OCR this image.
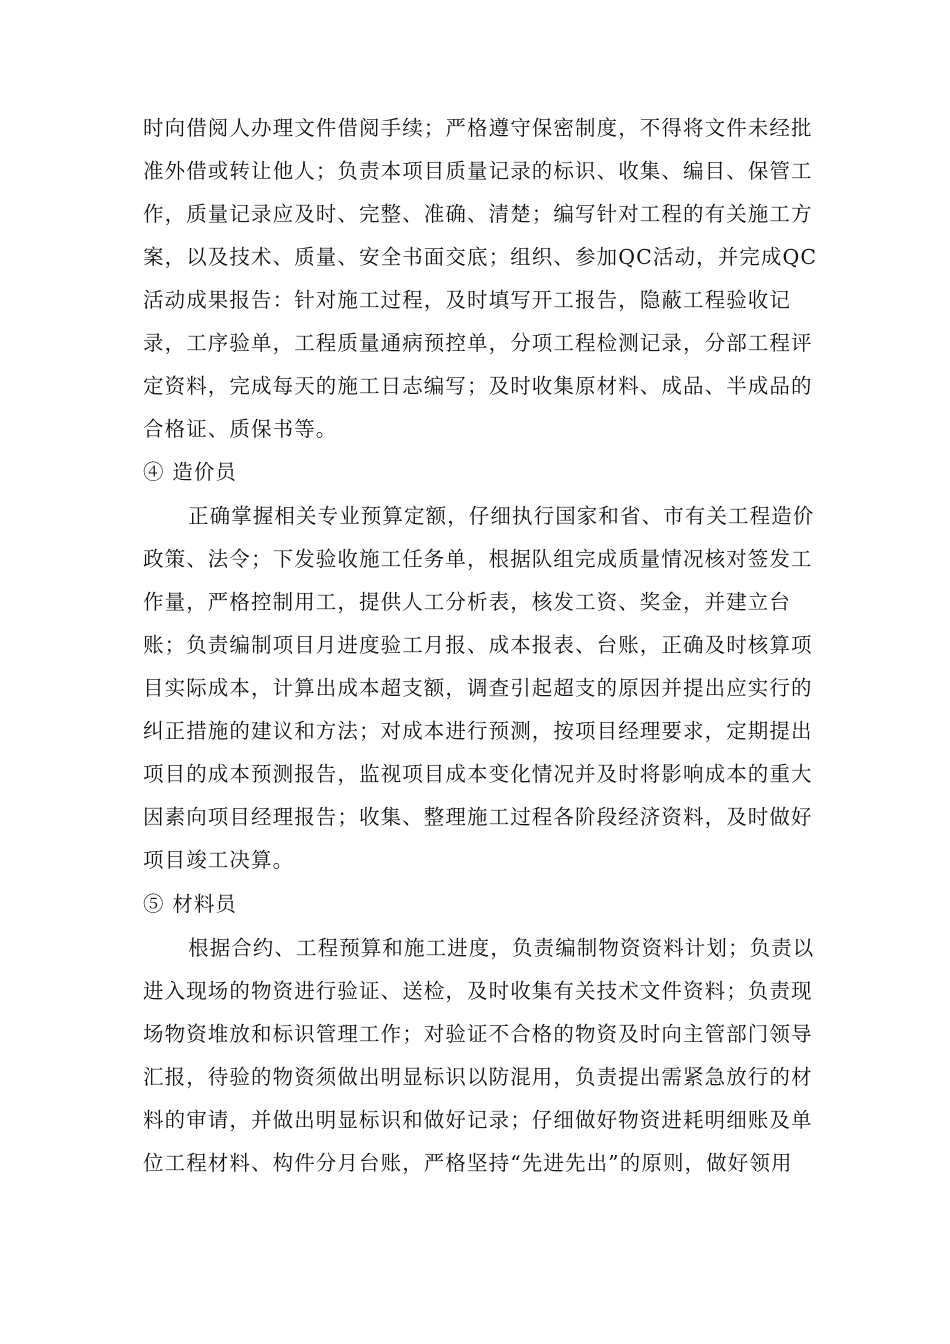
时向借阅人办理文件借阅手续；严格遵守保密制度，不得将文件未经批
准外借或转让他人；负责本项目质量记录的标识、收集、编目、保管工
作，质量记录应及时、完整、准确、清楚；编写针对工程的有关施工方
案，以及技术、质量、安全书面交底；组织、参加QC活动，并完成QC
活动成果报告：针对施工过程，及时填写开工报告，隐蔽工程验收记
录，工序验单，工程质量通病预控单，分项工程检测记录，分部工程评
定资料，完成每天的施工日志编写；及时收集原材料、成品、半成品的
合格证、质保书等。
④ 造价员
正确掌握相关专业预算定额，仔细执行国家和省、市有关工程造价
政策、法令；下发验收施工任务单，根据队组完成质量情况核对签发工
作量，严格控制用工，提供人工分析表，核发工资、奖金，并建立台
账；负责编制项目月进度验工月报、成本报表、台账，正确及时核算项
目实际成本，计算出成本超支额，调查引起超支的原因并提出应实行的
纠正措施的建议和方法；对成本进行预测，按项目经理要求，定期提出
项目的成本预测报告，监视项目成本变化情况并及时将影响成本的重大
因素向项目经理报告；收集、整理施工过程各阶段经济资料，及时做好
项目竣工决算。
⑤ 材料员
根据合约、工程预算和施工进度，负责编制物资资料计划；负责以
进入现场的物资进行验证、送检，及时收集有关技术文件资料；负责现
场物资堆放和标识管理工作；对验证不合格的物资及时向主管部门领导
汇报，待验的物资须做出明显标识以防混用，负责提出需紧急放行的材
料的审请，并做出明显标识和做好记录；仔细做好物资进耗明细账及单
位工程材料、构件分月台账，严格坚持“先进先出”的原则，做好领用
